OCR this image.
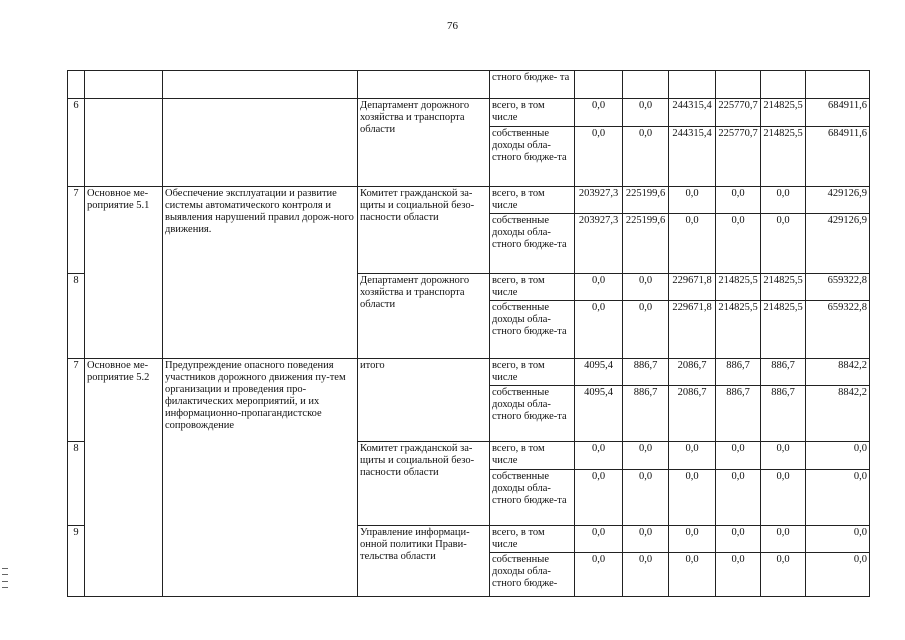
76
				стного бюдже- та						
6			Департамент дорожного хозяйства и транспорта области	всего, в том числе	0,0	0,0	244315,4	225770,7	214825,5	684911,6
				собственные доходы обла-стного бюдже-та	0,0	0,0	244315,4	225770,7	214825,5	684911,6
7	Основное ме-роприятие 5.1	Обеспечение эксплуатации и развитие системы автоматического контроля и выявления нарушений правил дорож-ного движения.	Комитет гражданской за-щиты и социальной безо-пасности области	всего, в том числе	203927,3	225199,6	0,0	0,0	0,0	429126,9
				собственные доходы обла-стного бюдже-та	203927,3	225199,6	0,0	0,0	0,0	429126,9
8			Департамент дорожного хозяйства и транспорта области	всего, в том числе	0,0	0,0	229671,8	214825,5	214825,5	659322,8
				собственные доходы обла-стного бюдже-та	0,0	0,0	229671,8	214825,5	214825,5	659322,8
7	Основное ме-роприятие 5.2	Предупреждение опасного поведения участников дорожного движения пу-тем организации и проведения про-филактических мероприятий, и их информационно-пропагандистское сопровождение	итого	всего, в том числе	4095,4	886,7	2086,7	886,7	886,7	8842,2
				собственные доходы обла-стного бюдже-та	4095,4	886,7	2086,7	886,7	886,7	8842,2
8			Комитет гражданской за-щиты и социальной безо-пасности области	всего, в том числе	0,0	0,0	0,0	0,0	0,0	0,0
				собственные доходы обла-стного бюдже-та	0,0	0,0	0,0	0,0	0,0	0,0
9			Управление информаци-онной политики Прави-тельства области	всего, в том числе	0,0	0,0	0,0	0,0	0,0	0,0
				собственные доходы обла-стного бюдже-	0,0	0,0	0,0	0,0	0,0	0,0
